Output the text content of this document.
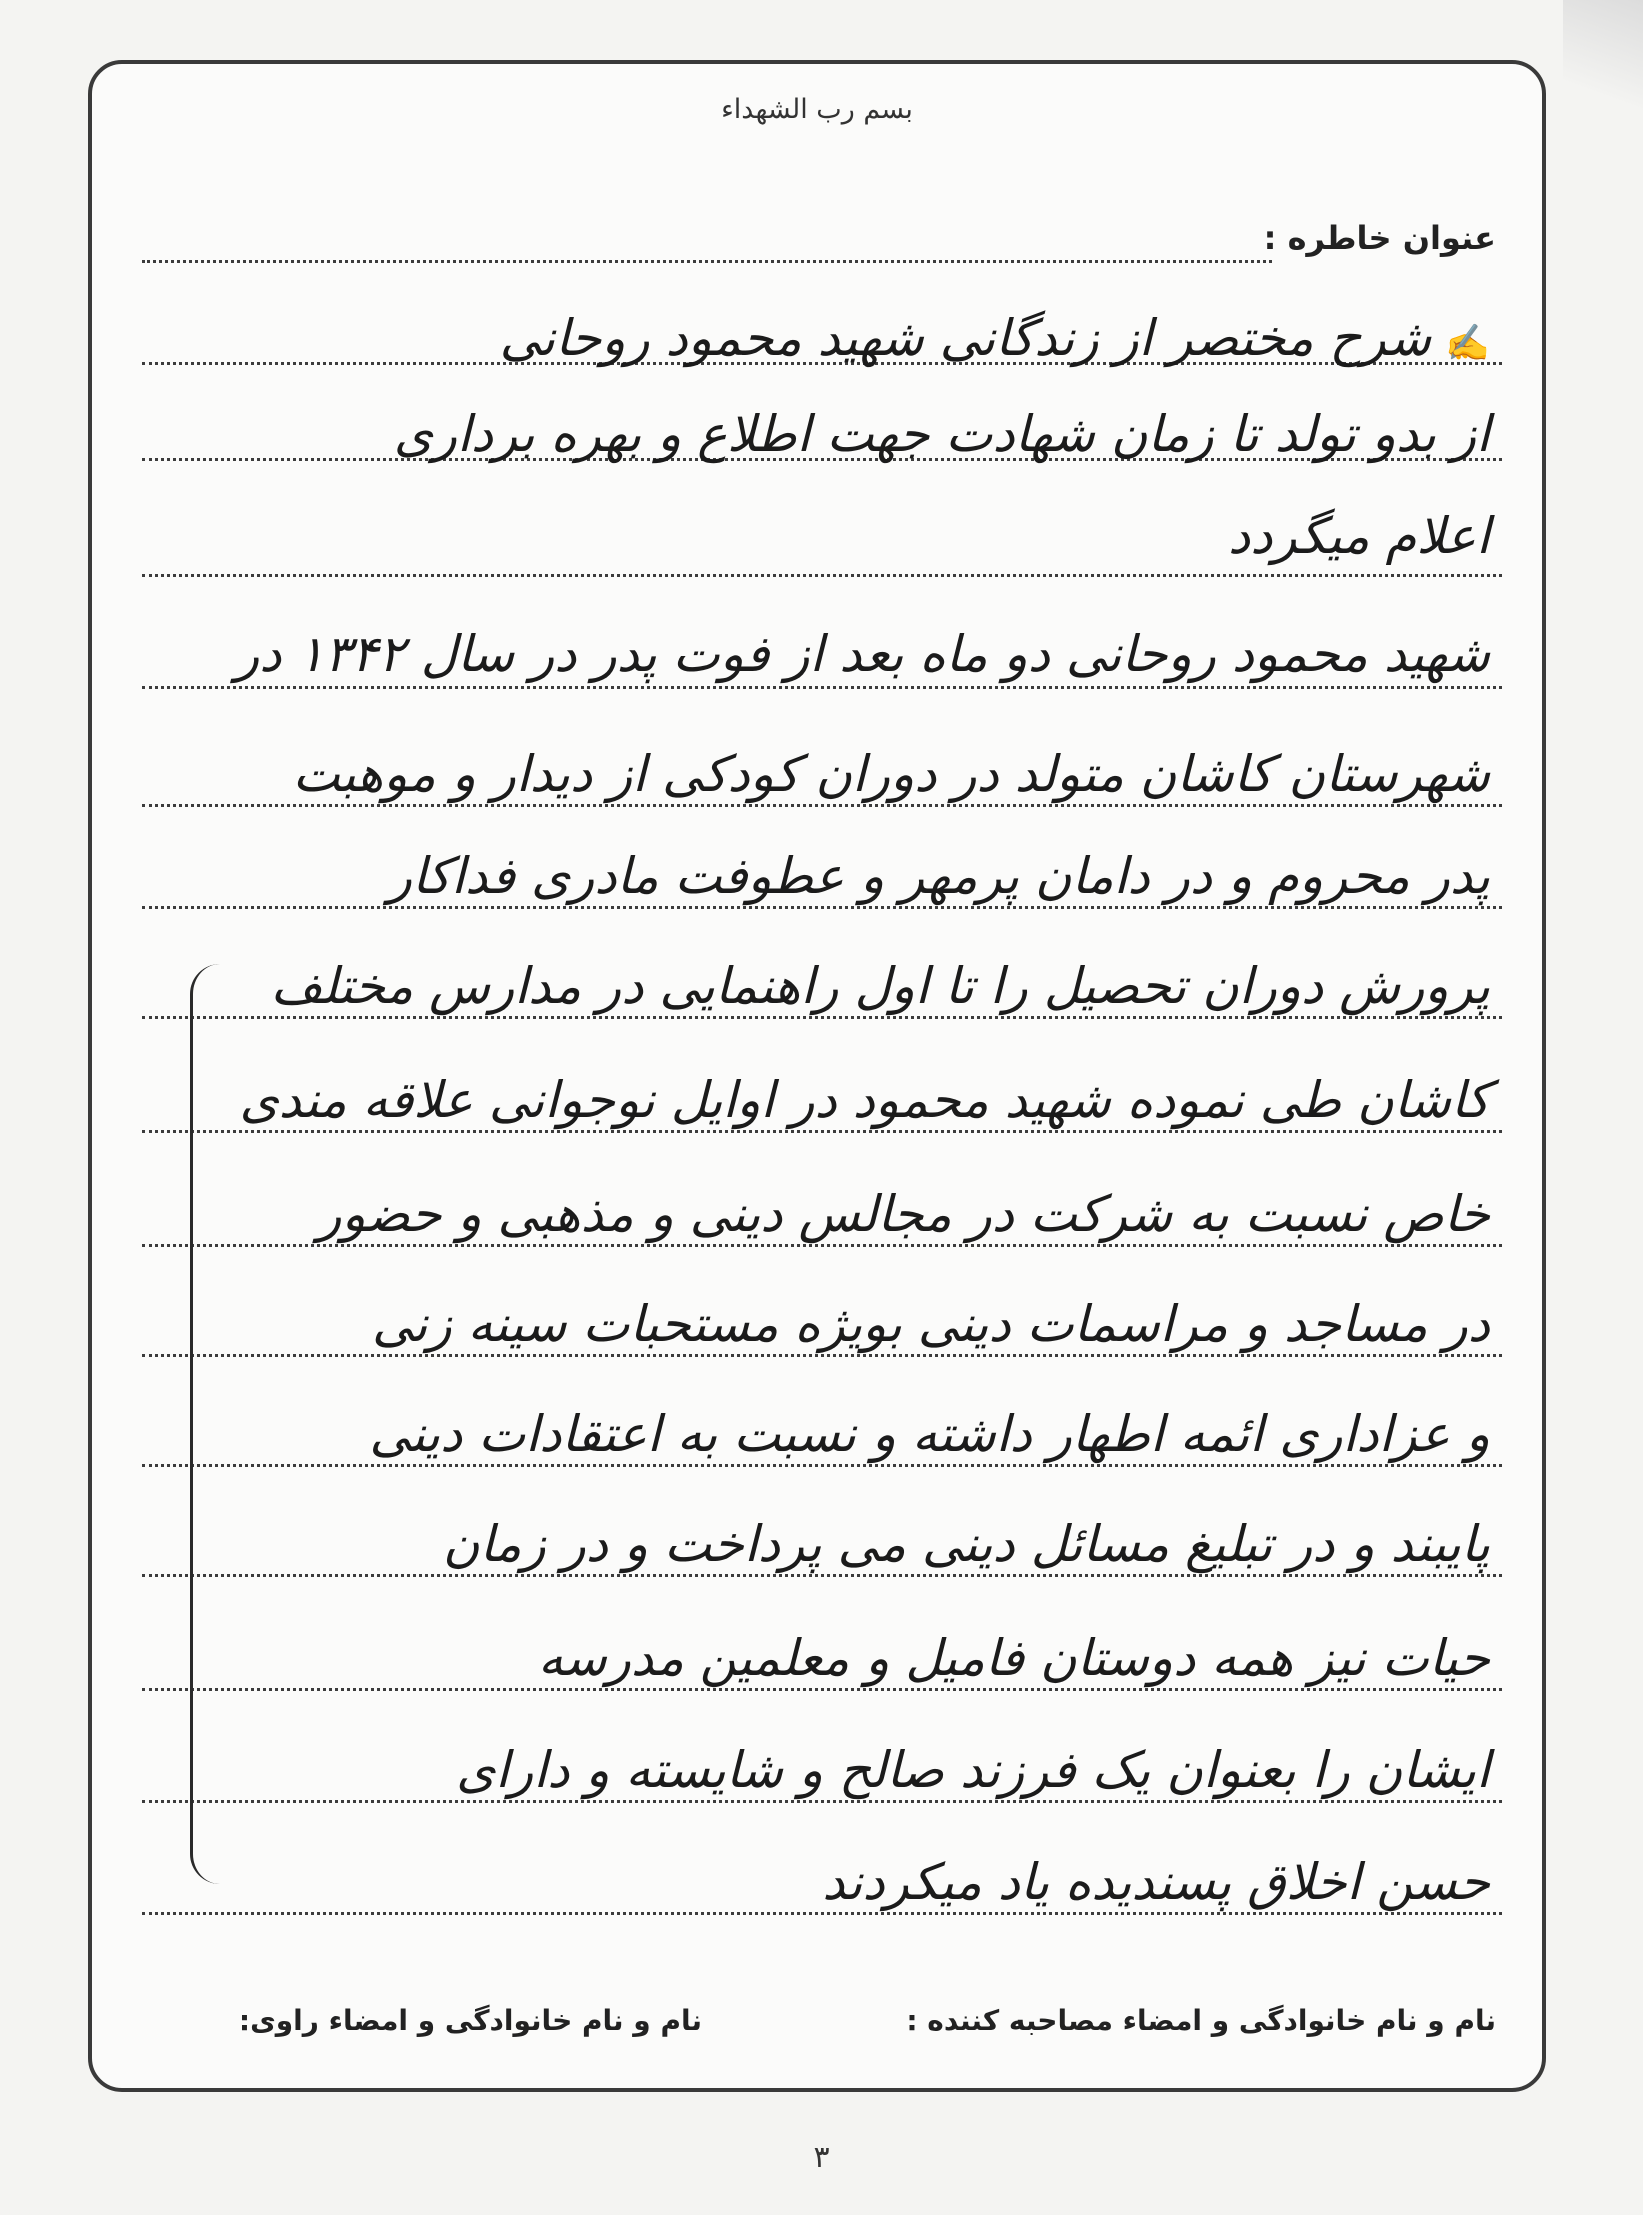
بسم رب الشهداء
عنوان خاطره :
✍شرح مختصر از زندگانی شهید محمود روحانی
از بدو تولد تا زمان شهادت جهت اطلاع و بهره برداری
اعلام میگردد
شهید محمود روحانی دو ماه بعد از فوت پدر در سال ۱۳۴۲ در
شهرستان کاشان متولد در دوران کودکی از دیدار و موهبت
پدر محروم و در دامان پرمهر و عطوفت مادری فداکار
پرورش دوران تحصیل را تا اول راهنمایی در مدارس مختلف
کاشان طی نموده شهید محمود در اوایل نوجوانی علاقه مندی
خاص نسبت به شرکت در مجالس دینی و مذهبی و حضور
در مساجد و مراسمات دینی بویژه مستحبات سینه زنی
و عزاداری ائمه اطهار داشته و نسبت به اعتقادات دینی
پایبند و در تبلیغ مسائل دینی می پرداخت و در زمان
حیات نیز همه دوستان فامیل و معلمین مدرسه
ایشان را بعنوان یک فرزند صالح و شایسته و دارای
حسن اخلاق پسندیده یاد میکردند
نام و نام خانوادگی و امضاء مصاحبه کننده :
نام و نام خانوادگی و امضاء راوی:
۳
